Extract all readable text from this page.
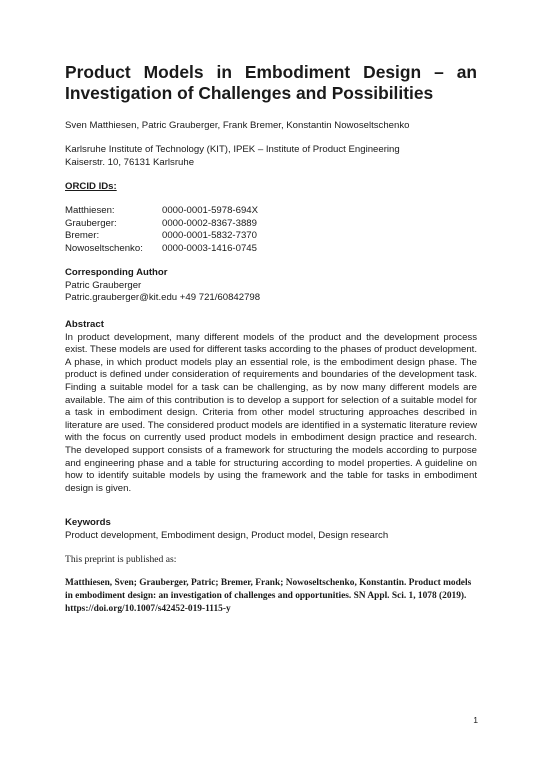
Product Models in Embodiment Design – an Investigation of Challenges and Possibilities
Sven Matthiesen, Patric Grauberger, Frank Bremer, Konstantin Nowoseltschenko
Karlsruhe Institute of Technology (KIT), IPEK – Institute of Product Engineering
Kaiserstr. 10, 76131 Karlsruhe
ORCID IDs:
Matthiesen:	0000-0001-5978-694X
Grauberger:	0000-0002-8367-3889
Bremer:	0000-0001-5832-7370
Nowoseltschenko:	0000-0003-1416-0745
Corresponding Author
Patric Grauberger
Patric.grauberger@kit.edu +49 721/60842798
Abstract

In product development, many different models of the product and the development process exist. These models are used for different tasks according to the phases of product development. A phase, in which product models play an essential role, is the embodiment design phase. The product is defined under consideration of requirements and boundaries of the development task. Finding a suitable model for a task can be challenging, as by now many different models are available. The aim of this contribution is to develop a support for selection of a suitable model for a task in embodiment design. Criteria from other model structuring approaches described in literature are used. The considered product models are identified in a systematic literature review with the focus on currently used product models in embodiment design practice and research. The developed support consists of a framework for structuring the models according to purpose and engineering phase and a table for structuring according to model properties. A guideline on how to identify suitable models by using the framework and the table for tasks in embodiment design is given.

Keywords
Product development, Embodiment design, Product model, Design research
This preprint is published as:
Matthiesen, Sven; Grauberger, Patric; Bremer, Frank; Nowoseltschenko, Konstantin. Product models in embodiment design: an investigation of challenges and opportunities. SN Appl. Sci. 1, 1078 (2019). https://doi.org/10.1007/s42452-019-1115-y
1
